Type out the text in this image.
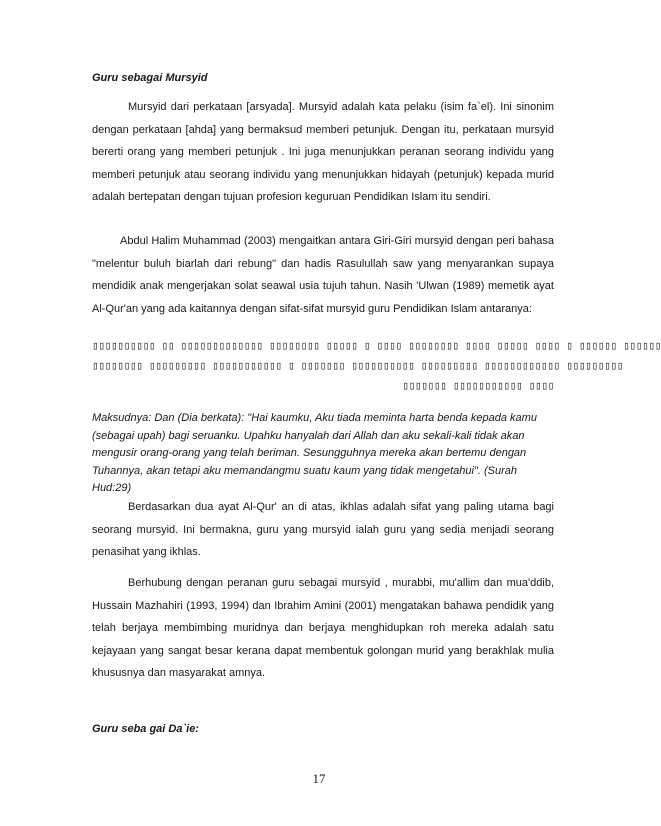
Guru sebagai Mursyid

Mursyid dari perkataan [arsyada]. Mursyid adalah kata pelaku (isim fa`el). Ini sinonim dengan perkataan [ahda] yang bermaksud memberi petunjuk. Dengan itu, perkataan mursyid bererti orang yang memberi petunjuk . Ini juga menunjukkan peranan seorang individu yang memberi petunjuk atau seorang individu yang menunjukkan hidayah (petunjuk) kepada murid adalah bertepatan dengan tujuan profesion keguruan Pendidikan Islam itu sendiri.

Abdul Halim Muhammad (2003) mengaitkan antara Giri-Giri mursyid dengan peri bahasa "melentur buluh biarlah dari rebung" dan hadis Rasulullah saw yang menyarankan supaya mendidik anak mengerjakan solat seawal usia tujuh tahun. Nasih 'Ulwan (1989) memetik ayat Al-Qur'an yang ada kaitannya dengan sifat-sifat mursyid guru Pendidikan Islam antaranya:

▯▯▯▯▯▯▯▯▯▯ ▯▯ ▯▯▯▯▯▯▯▯▯▯▯▯▯ ▯▯▯▯▯▯▯▯ ▯▯▯▯▯ ▯ ▯▯▯▯ ▯▯▯▯▯▯▯▯ ▯▯▯▯ ▯▯▯▯▯ ▯▯▯▯ ▯ ▯▯▯▯▯▯ ▯▯▯▯▯▯
▯▯▯▯▯▯▯▯ ▯▯▯▯▯▯▯▯▯ ▯▯▯▯▯▯▯▯▯▯▯ ▯ ▯▯▯▯▯▯▯ ▯▯▯▯▯▯▯▯▯▯ ▯▯▯▯▯▯▯▯▯ ▯▯▯▯▯▯▯▯▯▯▯▯ ▯▯▯▯▯▯▯▯▯
▯▯▯▯▯▯▯ ▯▯▯▯▯▯▯▯▯▯▯ ▯▯▯▯

Maksudnya: Dan (Dia berkata): "Hai kaumku, Aku tiada meminta harta benda kepada kamu (sebagai upah) bagi seruanku. Upahku hanyalah dari Allah dan aku sekali-kali tidak akan mengusir orang-orang yang telah beriman. Sesungguhnya mereka akan bertemu dengan Tuhannya, akan tetapi aku memandangmu suatu kaum yang tidak mengetahui". (Surah Hud:29)

Berdasarkan dua ayat Al-Qur' an di atas, ikhlas adalah sifat yang paling utama bagi seorang mursyid. Ini bermakna, guru yang mursyid ialah guru yang sedia menjadi seorang penasihat yang ikhlas.

Berhubung dengan peranan guru sebagai mursyid , murabbi, mu'allim dan mua'ddib, Hussain Mazhahiri (1993, 1994) dan Ibrahim Amini (2001) mengatakan bahawa pendidik yang telah berjaya membimbing muridnya dan berjaya menghidupkan roh mereka adalah satu kejayaan yang sangat besar kerana dapat membentuk golongan murid yang berakhlak mulia khususnya dan masyarakat amnya.

Guru seba gai Da`ie:

17
